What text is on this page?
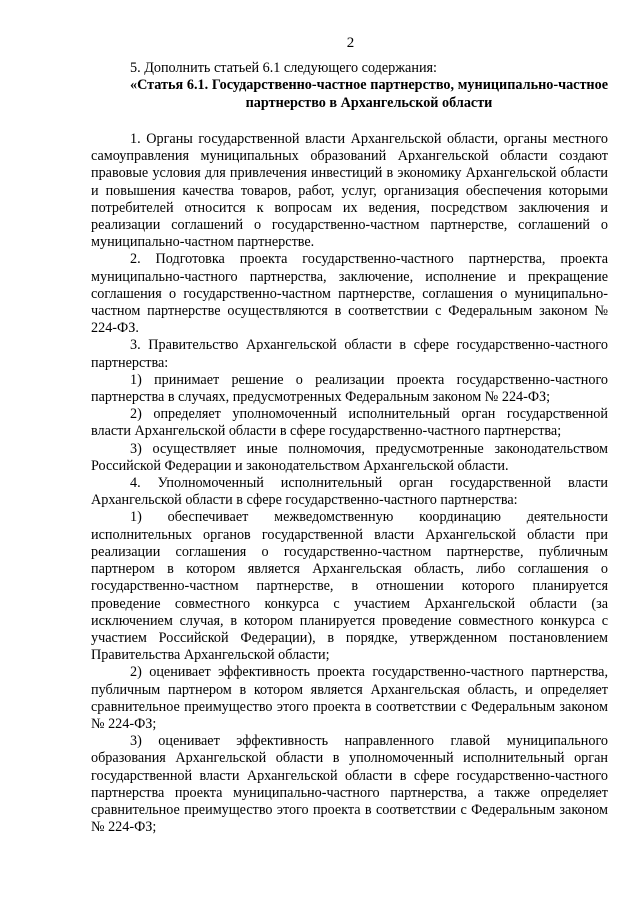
2

5. Дополнить статьей 6.1 следующего содержания:

«Статья 6.1. Государственно-частное партнерство, муниципально-частное партнерство в Архангельской области

1. Органы государственной власти Архангельской области, органы местного самоуправления муниципальных образований Архангельской области создают правовые условия для привлечения инвестиций в экономику Архангельской области и повышения качества товаров, работ, услуг, организация обеспечения которыми потребителей относится к вопросам их ведения, посредством заключения и реализации соглашений о государственно-частном партнерстве, соглашений о муниципально-частном партнерстве.

2. Подготовка проекта государственно-частного партнерства, проекта муниципально-частного партнерства, заключение, исполнение и прекращение соглашения о государственно-частном партнерстве, соглашения о муниципально-частном партнерстве осуществляются в соответствии с Федеральным законом № 224-ФЗ.

3. Правительство Архангельской области в сфере государственно-частного партнерства:

1) принимает решение о реализации проекта государственно-частного партнерства в случаях, предусмотренных Федеральным законом № 224-ФЗ;

2) определяет уполномоченный исполнительный орган государственной власти Архангельской области в сфере государственно-частного партнерства;

3) осуществляет иные полномочия, предусмотренные законодательством Российской Федерации и законодательством Архангельской области.

4. Уполномоченный исполнительный орган государственной власти Архангельской области в сфере государственно-частного партнерства:

1) обеспечивает межведомственную координацию деятельности исполнительных органов государственной власти Архангельской области при реализации соглашения о государственно-частном партнерстве, публичным партнером в котором является Архангельская область, либо соглашения о государственно-частном партнерстве, в отношении которого планируется проведение совместного конкурса с участием Архангельской области (за исключением случая, в котором планируется проведение совместного конкурса с участием Российской Федерации), в порядке, утвержденном постановлением Правительства Архангельской области;

2) оценивает эффективность проекта государственно-частного партнерства, публичным партнером в котором является Архангельская область, и определяет сравнительное преимущество этого проекта в соответствии с Федеральным законом № 224-ФЗ;

3) оценивает эффективность направленного главой муниципального образования Архангельской области в уполномоченный исполнительный орган государственной власти Архангельской области в сфере государственно-частного партнерства проекта муниципально-частного партнерства, а также определяет сравнительное преимущество этого проекта в соответствии с Федеральным законом № 224-ФЗ;
